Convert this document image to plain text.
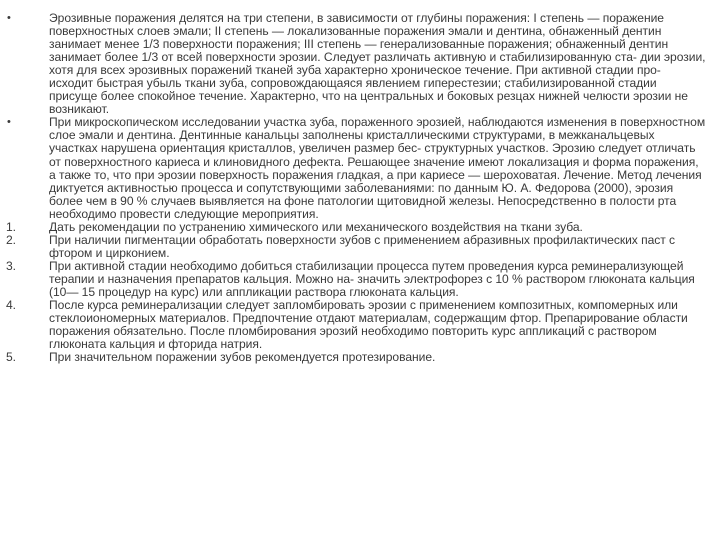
•	Эрозивные поражения делятся на три степени, в зависимости от глубины поражения: I степень — поражение поверхностных слоев эмали; II степень — локализованные поражения эмали и дентина, обнаженный дентин занимает менее 1/3 поверхности поражения; III степень — генерализованные поражения; обнаженный дентин занимает более 1/3 от всей поверхности эрозии. Следует различать активную и стабилизированную ста- дии эрозии, хотя для всех эрозивных поражений тканей зуба характерно хроническое течение. При активной стадии про- исходит быстрая убыль ткани зуба, сопровождающаяся явлением гиперестезии; стабилизированной стадии присуще более спокойное течение. Характерно, что на центральных и боковых резцах нижней челюсти эрозии не возникают.
•	При микроскопическом исследовании участка зуба, пораженного эрозией, наблюдаются изменения в поверхностном слое эмали и дентина. Дентинные канальцы заполнены кристаллическими структурами, в межканальцевых участках нарушена ориентация кристаллов, увеличен размер бес- структурных участков. Эрозию следует отличать от поверхностного кариеса и клиновидного дефекта. Решающее значение имеют локализация и форма поражения, а также то, что при эрозии поверхность поражения гладкая, а при кариесе — шероховатая. Лечение. Метод лечения диктуется активностью процесса и сопутствующими заболеваниями: по данным Ю. А. Федорова (2000), эрозия более чем в 90 % случаев выявляется на фоне патологии щитовидной железы. Непосредственно в полости рта необходимо провести следующие мероприятия.
1.	Дать рекомендации по устранению химического или механического воздействия на ткани зуба.
2.	При наличии пигментации обработать поверхности зубов с применением абразивных профилактических паст с фтором и цирконием.
3.	При активной стадии необходимо добиться стабилизации процесса путем проведения курса реминерализующей терапии и назначения препаратов кальция. Можно на- значить электрофорез с 10 % раствором глюконата кальция (10— 15 процедур на курс) или аппликации раствора глюконата кальция.
4.	После курса реминерализации следует запломбировать эрозии с применением композитных, компомерных или стеклоиономерных материалов. Предпочтение отдают материалам, содержащим фтор. Препарирование области поражения обязательно. После пломбирования эрозий необходимо повторить курс аппликаций с раствором глюконата кальция и фторида натрия.
5.	При значительном поражении зубов рекомендуется протезирование.
